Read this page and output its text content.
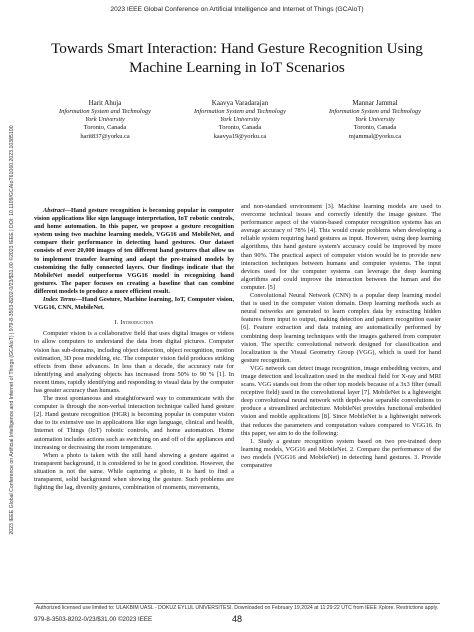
2023 IEEE Global Conference on Artificial Intelligence and Internet of Things (GCAIoT)
2023 IEEE Global Conference on Artificial Intelligence and Internet of Things (GCAIoT) | 979-8-3503-8202-0/23/$31.00 ©2023 IEEE | DOI: 10.1109/GCAIoT61060.2023.10385100
Towards Smart Interaction: Hand Gesture Recognition Using Machine Learning in IoT Scenarios
Harit Ahuja
Information System and Technology
York University
Toronto, Canada
harit837@yorku.ca
Kaavya Varadarajan
Information System and Technology
York University
Toronto, Canada
kaavya19@yorku.ca
Mannar Jammal
Information System and Technology
York University
Toronto, Canada
mjammal@yorku.ca

Abstract—Hand gesture recognition is becoming popular in computer vision applications like sign language interpretation, IoT robotic controls, and home automation. In this paper, we propose a gesture recognition system using two machine learning models, VGG16 and MobileNet, and compare their performance in detecting hand gestures. Our dataset consists of over 20,000 images of ten different hand gestures that allow us to implement transfer learning and adapt the pre-trained models by customizing the fully connected layers. Our findings indicate that the MobileNet model outperforms VGG16 model in recognizing hand gestures. The paper focuses on creating a baseline that can combine different models to produce a more efficient result.

Index Terms—Hand Gesture, Machine learning, IoT, Computer vision, VGG16, CNN, MobileNet.

I. Introduction

Computer vision is a collaborative field that uses digital images or videos to allow computers to understand the data from digital pictures. Computer vision has sub-domains, including object detection, object recognition, motion estimation, 3D pose modeling, etc. The computer vision field produces striking effects from these advances. In less than a decade, the accuracy rate for identifying and analyzing objects has increased from 50% to 90 % [1]. In recent times, rapidly identifying and responding to visual data by the computer has greater accuracy than humans.

The most spontaneous and straightforward way to communicate with the computer is through the non-verbal interaction technique called hand gesture [2]. Hand gesture recognition (HGR) is becoming popular in computer vision due to its extensive use in applications like sign language, clinical and health, Internet of Things (IoT) robotic controls, and home automation. Home automation includes actions such as switching on and off of the appliances and increasing or decreasing the room temperature.

When a photo is taken with the still hand showing a gesture against a transparent background, it is considered to be in good condition. However, the situation is not the same. While capturing a photo, it is hard to find a transparent, solid background when showing the gesture. Such problems are fighting the lag, diversity gestures, combination of moments, movements,

and non-standard environment [3]. Machine learning models are used to overcome technical issues and correctly identify the image gesture. The performance aspect of the vision-based computer recognition systems has an average accuracy of 78% [4]. This would create problems when developing a reliable system requiring hand gestures as input. However, using deep learning algorithms, this hand gesture system's accuracy could be improved by more than 90%. The practical aspect of computer vision would be to provide new interaction techniques between humans and computer systems. The input devices used for the computer systems can leverage the deep learning algorithms and could improve the interaction between the human and the computer. [5]

Convolutional Neural Network (CNN) is a popular deep learning model that is used in the computer vision domain. Deep learning methods such as neural networks are generated to learn complex data by extracting hidden features from input to output, making detection and pattern recognition easier [6]. Feature extraction and data training are automatically performed by combining deep learning techniques with the images gathered from computer vision. The specific convolutional network designed for classification and localization is the Visual Geometry Group (VGG), which is used for hand gesture recognition.

VGG network can detect image recognition, image embedding vectors, and image detection and localization used in the medical field for X-ray and MRI scans. VGG stands out from the other top models because of a 3x3 filter (small receptive field) used in the convolutional layer [7]. MobileNet is a lightweight deep convolutional neural network with depth-wise separable convolutions to produce a streamlined architecture. MobileNet provides functional embedded vision and mobile applications [8]. Since MobileNet is a lightweight network that reduces the parameters and computation values compared to VGG16. In this paper, we aim to do the following:

1. Study a gesture recognition system based on two pre-trained deep learning models, VGG16 and MobileNet. 2. Compare the performance of the two models (VGG16 and MobileNet) in detecting hand gestures. 3. Provide comparative

Authorized licensed use limited to: ULAKBIM UASL - DOKUZ EYLUL UNIVERSITESI. Downloaded on February 19,2024 at 11:29:22 UTC from IEEE Xplore. Restrictions apply.
979-8-3503-8202-0/23/$31.00 ©2023 IEEE	48
